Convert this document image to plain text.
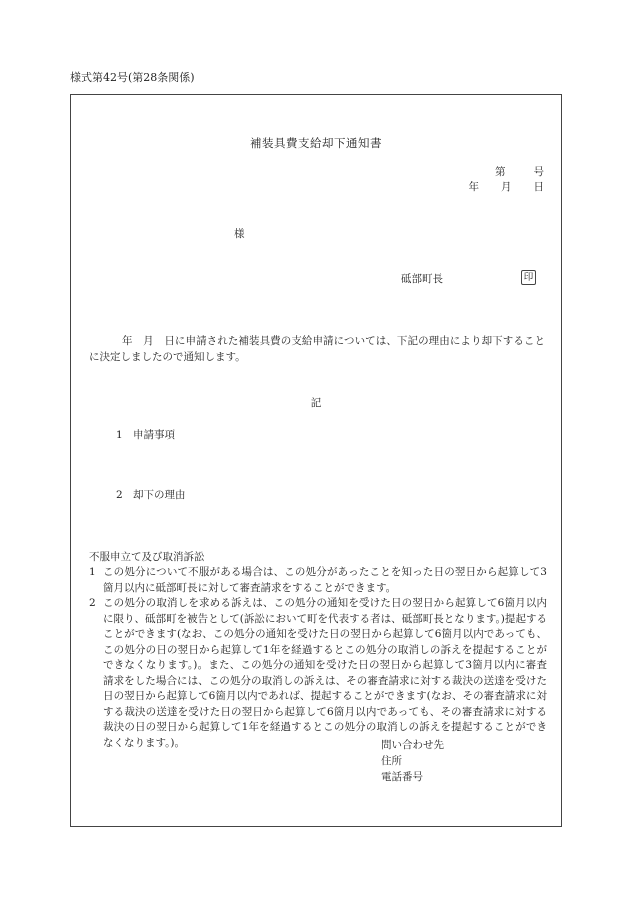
様式第42号(第28条関係)
補装具費支給却下通知書
第	号
年 月 日
様
砥部町長	印
年　月　日に申請された補装具費の支給申請については、下記の理由により却下することに決定しましたので通知します。
記
1 申請事項
2 却下の理由
不服申立て及び取消訴訟
1 この処分について不服がある場合は、この処分があったことを知った日の翌日から起算して3箇月以内に砥部町長に対して審査請求をすることができます。
2 この処分の取消しを求める訴えは、この処分の通知を受けた日の翌日から起算して6箇月以内に限り、砥部町を被告として(訴訟において町を代表する者は、砥部町長となります。)提起することができます(なお、この処分の通知を受けた日の翌日から起算して6箇月以内であっても、この処分の日の翌日から起算して1年を経過するとこの処分の取消しの訴えを提起することができなくなります。)。また、この処分の通知を受けた日の翌日から起算して3箇月以内に審査請求をした場合には、この処分の取消しの訴えは、その審査請求に対する裁決の送達を受けた日の翌日から起算して6箇月以内であれば、提起することができます(なお、その審査請求に対する裁決の送達を受けた日の翌日から起算して6箇月以内であっても、その審査請求に対する裁決の日の翌日から起算して1年を経過するとこの処分の取消しの訴えを提起することができなくなります。)。	問い合わせ先
住所
電話番号
